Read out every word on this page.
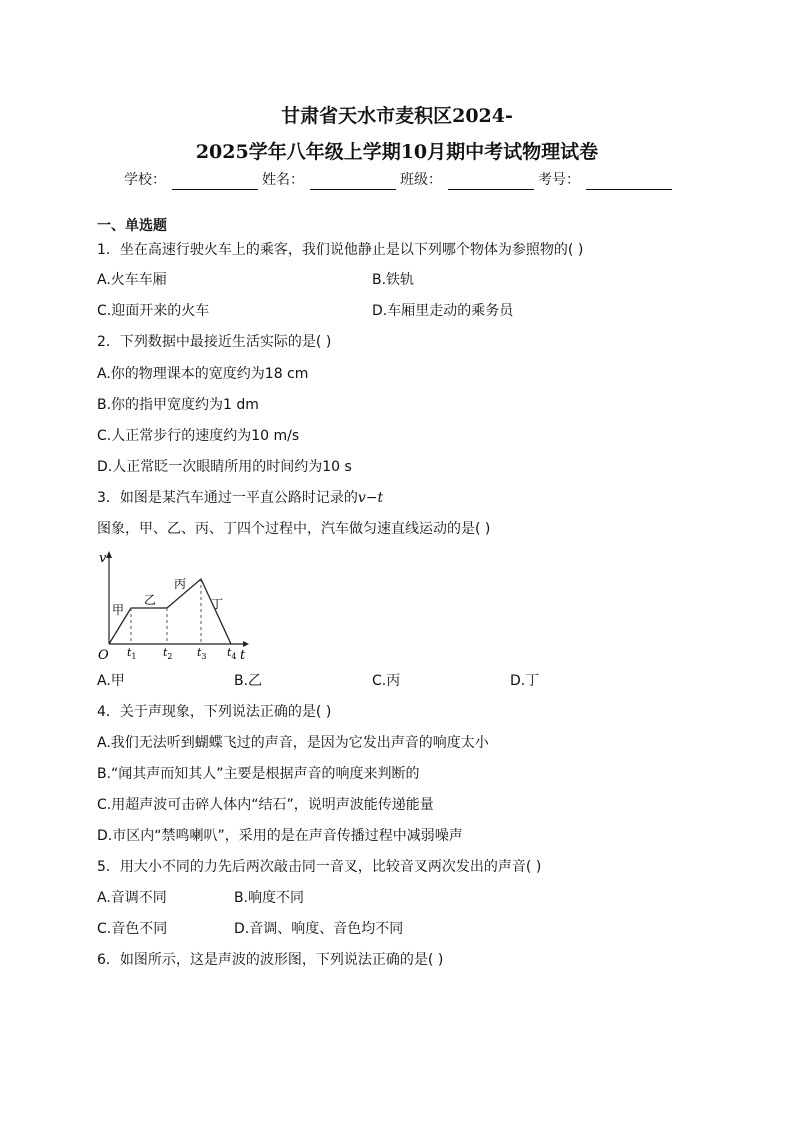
甘肃省天水市麦积区2024-
2025学年八年级上学期10月期中考试物理试卷
学校：	姓名：	班级：	考号：
一、单选题
1．坐在高速行驶火车上的乘客，我们说他静止是以下列哪个物体为参照物的( )
A.火车车厢	B.铁轨
C.迎面开来的火车	D.车厢里走动的乘务员
2．下列数据中最接近生活实际的是( )
A.你的物理课本的宽度约为18 cm
B.你的指甲宽度约为1 dm
C.人正常步行的速度约为10 m/s
D.人正常眨一次眼睛所用的时间约为10 s
3．如图是某汽车通过一平直公路时记录的v−t
图象，甲、乙、丙、丁四个过程中，汽车做匀速直线运动的是( )
v
t
O $t_1$ $t_2$ $t_3$ $t_4$
甲
乙
丙
丁
A.甲	B.乙	C.丙	D.丁
4．关于声现象，下列说法正确的是( )
A.我们无法听到蝴蝶飞过的声音，是因为它发出声音的响度太小
B.“闻其声而知其人”主要是根据声音的响度来判断的
C.用超声波可击碎人体内“结石”，说明声波能传递能量
D.市区内“禁鸣喇叭”，采用的是在声音传播过程中减弱噪声
5．用大小不同的力先后两次敲击同一音叉，比较音叉两次发出的声音( )
A.音调不同	B.响度不同
C.音色不同	D.音调、响度、音色均不同
6．如图所示，这是声波的波形图，下列说法正确的是( )
